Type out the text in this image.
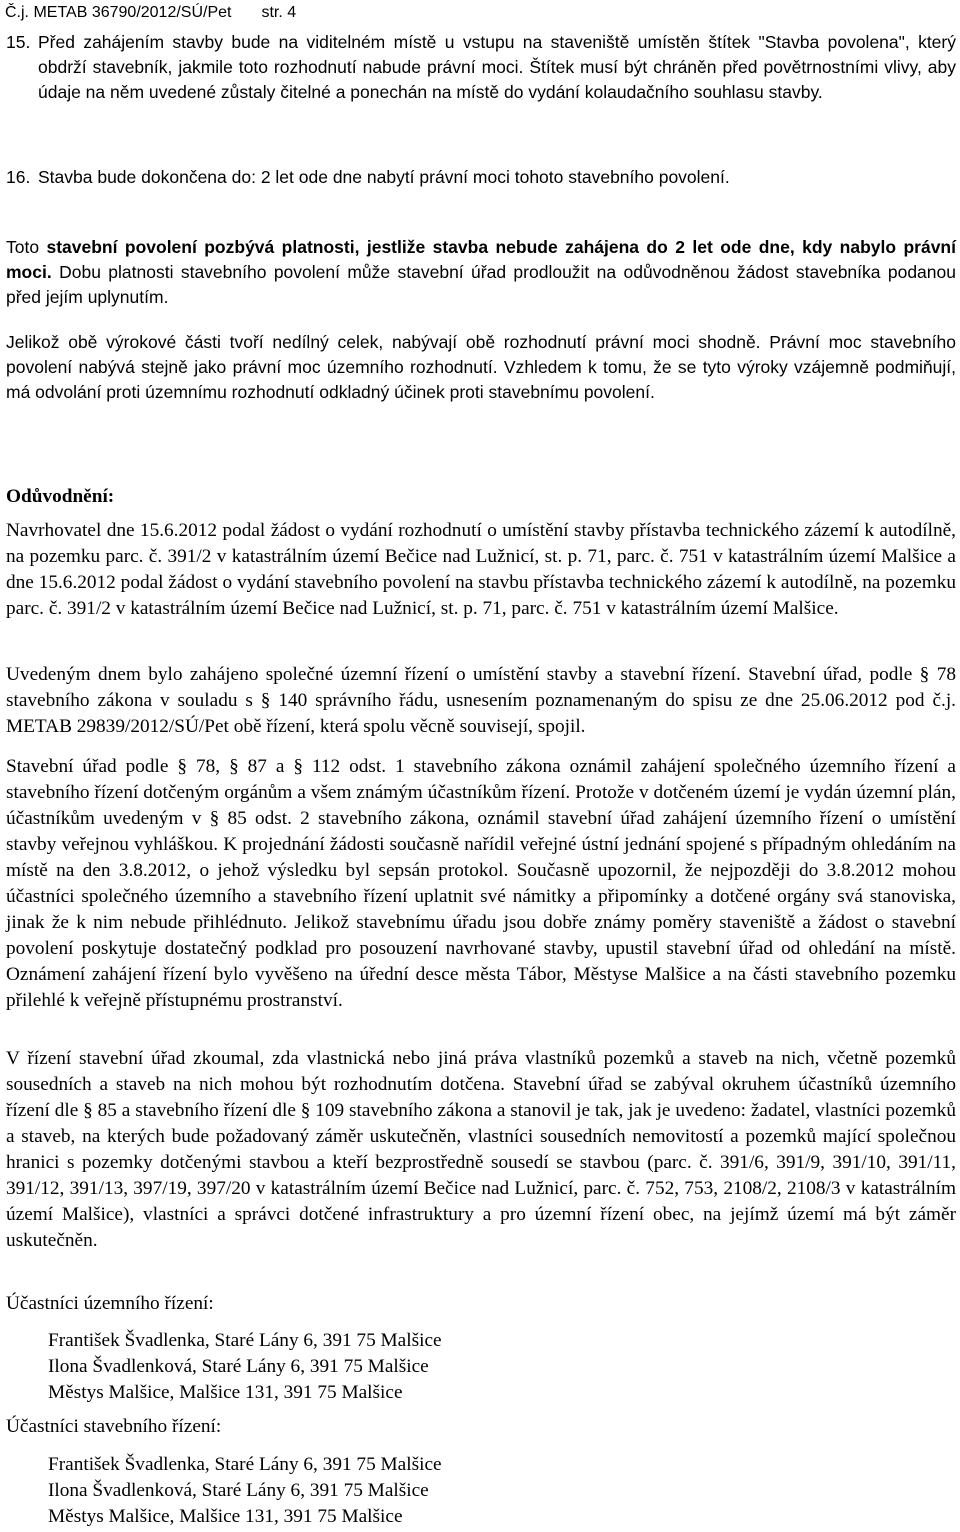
Č.j. METAB 36790/2012/SÚ/Pet str. 4
15. Před zahájením stavby bude na viditelném místě u vstupu na staveniště umístěn štítek "Stavba povolena", který obdrží stavebník, jakmile toto rozhodnutí nabude právní moci. Štítek musí být chráněn před povětrnostními vlivy, aby údaje na něm uvedené zůstaly čitelné a ponechán na místě do vydání kolaudačního souhlasu stavby.
16. Stavba bude dokončena do: 2 let ode dne nabytí právní moci tohoto stavebního povolení.
Toto stavební povolení pozbývá platnosti, jestliže stavba nebude zahájena do 2 let ode dne, kdy nabylo právní moci. Dobu platnosti stavebního povolení může stavební úřad prodloužit na odůvodněnou žádost stavebníka podanou před jejím uplynutím.
Jelikož obě výrokové části tvoří nedílný celek, nabývají obě rozhodnutí právní moci shodně. Právní moc stavebního povolení nabývá stejně jako právní moc územního rozhodnutí. Vzhledem k tomu, že se tyto výroky vzájemně podmiňují, má odvolání proti územnímu rozhodnutí odkladný účinek proti stavebnímu povolení.
Odůvodnění:
Navrhovatel dne 15.6.2012 podal žádost o vydání rozhodnutí o umístění stavby přístavba technického zázemí k autodílně, na pozemku parc. č. 391/2 v katastrálním území Bečice nad Lužnicí, st. p. 71, parc. č. 751 v katastrálním území Malšice a dne 15.6.2012 podal žádost o vydání stavebního povolení na stavbu přístavba technického zázemí k autodílně, na pozemku parc. č. 391/2 v katastrálním území Bečice nad Lužnicí, st. p. 71, parc. č. 751 v katastrálním území Malšice.
Uvedeným dnem bylo zahájeno společné územní řízení o umístění stavby a stavební řízení. Stavební úřad, podle § 78 stavebního zákona v souladu s § 140 správního řádu, usnesením poznamenaným do spisu ze dne 25.06.2012 pod č.j. METAB 29839/2012/SÚ/Pet obě řízení, která spolu věcně souvisejí, spojil.
Stavební úřad podle § 78, § 87 a § 112 odst. 1 stavebního zákona oznámil zahájení společného územního řízení a stavebního řízení dotčeným orgánům a všem známým účastníkům řízení. Protože v dotčeném území je vydán územní plán, účastníkům uvedeným v § 85 odst. 2 stavebního zákona, oznámil stavební úřad zahájení územního řízení o umístění stavby veřejnou vyhláškou. K projednání žádosti současně nařídil veřejné ústní jednání spojené s případným ohledáním na místě na den 3.8.2012, o jehož výsledku byl sepsán protokol. Současně upozornil, že nejpozději do 3.8.2012 mohou účastníci společného územního a stavebního řízení uplatnit své námitky a připomínky a dotčené orgány svá stanoviska, jinak že k nim nebude přihlédnuto. Jelikož stavebnímu úřadu jsou dobře známy poměry staveniště a žádost o stavební povolení poskytuje dostatečný podklad pro posouzení navrhované stavby, upustil stavební úřad od ohledání na místě. Oznámení zahájení řízení bylo vyvěšeno na úřední desce města Tábor, Městyse Malšice a na části stavebního pozemku přilehlé k veřejně přístupnému prostranství.
V řízení stavební úřad zkoumal, zda vlastnická nebo jiná práva vlastníků pozemků a staveb na nich, včetně pozemků sousedních a staveb na nich mohou být rozhodnutím dotčena. Stavební úřad se zabýval okruhem účastníků územního řízení dle § 85 a stavebního řízení dle § 109 stavebního zákona a stanovil je tak, jak je uvedeno: žadatel, vlastníci pozemků a staveb, na kterých bude požadovaný záměr uskutečněn, vlastníci sousedních nemovitostí a pozemků mající společnou hranici s pozemky dotčenými stavbou a kteří bezprostředně sousedí se stavbou (parc. č. 391/6, 391/9, 391/10, 391/11, 391/12, 391/13, 397/19, 397/20 v katastrálním území Bečice nad Lužnicí, parc. č. 752, 753, 2108/2, 2108/3 v katastrálním území Malšice), vlastníci a správci dotčené infrastruktury a pro územní řízení obec, na jejímž území má být záměr uskutečněn.
Účastníci územního řízení:
František Švadlenka, Staré Lány 6, 391 75 Malšice
Ilona Švadlenková, Staré Lány 6, 391 75 Malšice
Městys Malšice, Malšice 131, 391 75 Malšice
Účastníci stavebního řízení:
František Švadlenka, Staré Lány 6, 391 75 Malšice
Ilona Švadlenková, Staré Lány 6, 391 75 Malšice
Městys Malšice, Malšice 131, 391 75 Malšice
